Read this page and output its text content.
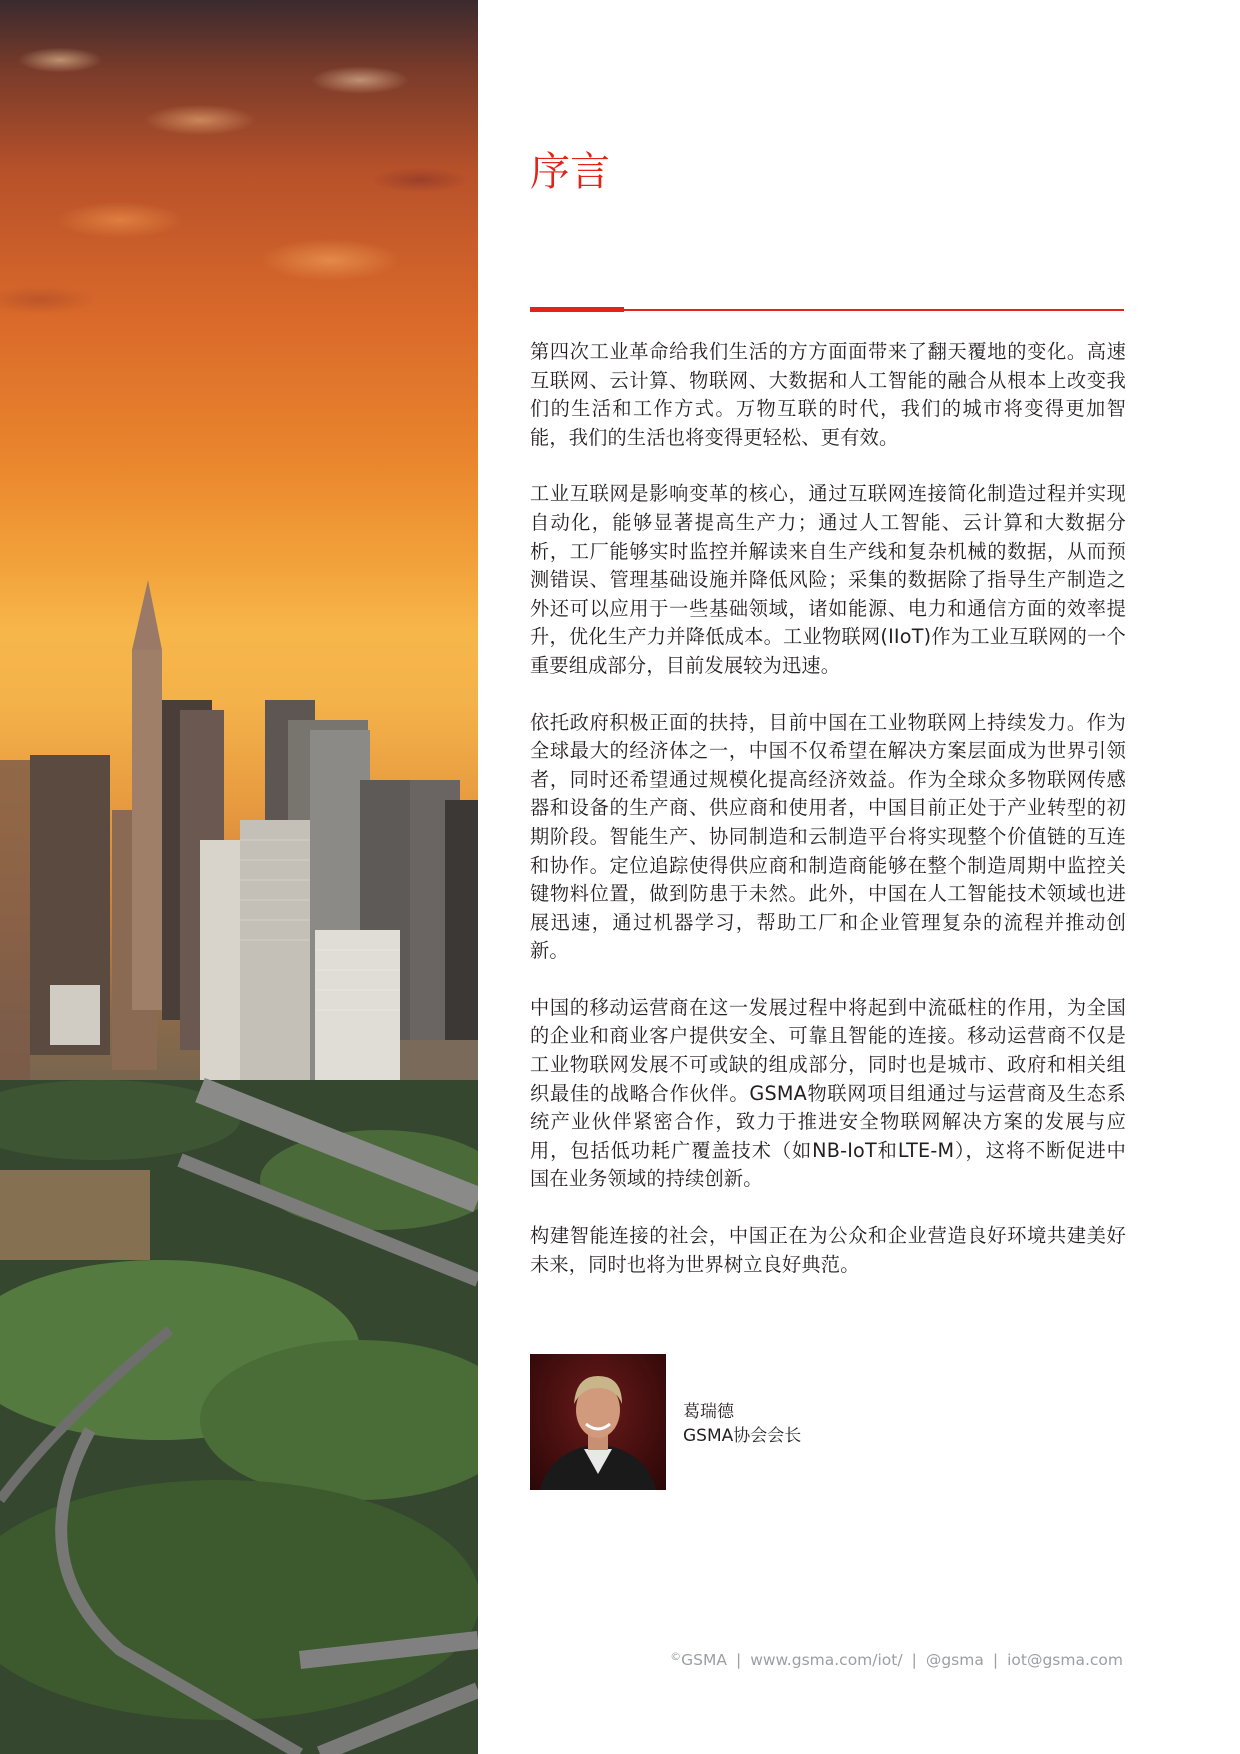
序言

第四次工业革命给我们生活的方方面面带来了翻天覆地的变化。高速互联网、云计算、物联网、大数据和人工智能的融合从根本上改变我们的生活和工作方式。万物互联的时代，我们的城市将变得更加智能，我们的生活也将变得更轻松、更有效。

工业互联网是影响变革的核心，通过互联网连接简化制造过程并实现自动化，能够显著提高生产力；通过人工智能、云计算和大数据分析，工厂能够实时监控并解读来自生产线和复杂机械的数据，从而预测错误、管理基础设施并降低风险；采集的数据除了指导生产制造之外还可以应用于一些基础领域，诸如能源、电力和通信方面的效率提升，优化生产力并降低成本。工业物联网(IIoT)作为工业互联网的一个重要组成部分，目前发展较为迅速。

依托政府积极正面的扶持，目前中国在工业物联网上持续发力。作为全球最大的经济体之一，中国不仅希望在解决方案层面成为世界引领者，同时还希望通过规模化提高经济效益。作为全球众多物联网传感器和设备的生产商、供应商和使用者，中国目前正处于产业转型的初期阶段。智能生产、协同制造和云制造平台将实现整个价值链的互连和协作。定位追踪使得供应商和制造商能够在整个制造周期中监控关键物料位置，做到防患于未然。此外，中国在人工智能技术领域也进展迅速，通过机器学习，帮助工厂和企业管理复杂的流程并推动创新。

中国的移动运营商在这一发展过程中将起到中流砥柱的作用，为全国的企业和商业客户提供安全、可靠且智能的连接。移动运营商不仅是工业物联网发展不可或缺的组成部分，同时也是城市、政府和相关组织最佳的战略合作伙伴。GSMA物联网项目组通过与运营商及生态系统产业伙伴紧密合作，致力于推进安全物联网解决方案的发展与应用，包括低功耗广覆盖技术（如NB-IoT和LTE-M），这将不断促进中国在业务领域的持续创新。

构建智能连接的社会，中国正在为公众和企业营造良好环境共建美好未来，同时也将为世界树立良好典范。

葛瑞德
GSMA协会会长
©GSMA | www.gsma.com/iot/ | @gsma | iot@gsma.com
